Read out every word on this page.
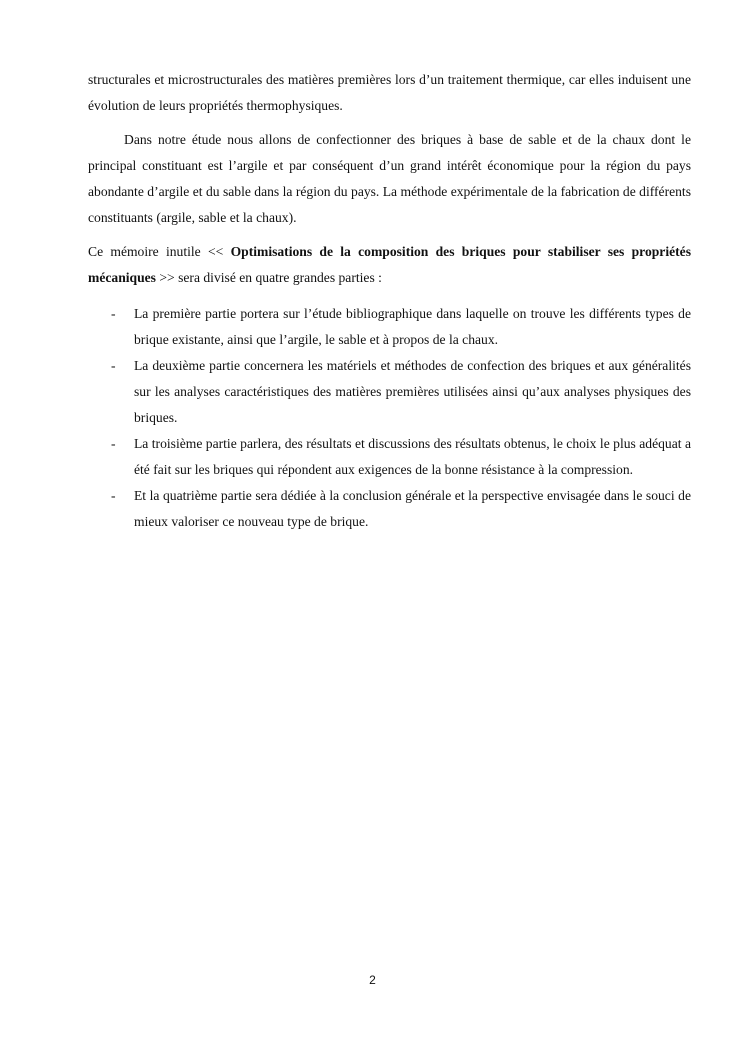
structurales et microstructurales des matières premières lors d’un traitement thermique, car elles induisent une évolution de leurs propriétés thermophysiques.

Dans notre étude nous allons de confectionner des briques à base de sable et de la chaux dont le principal constituant est l’argile et par conséquent d’un grand intérêt économique pour la région du pays abondante d’argile et du sable dans la région du pays. La méthode expérimentale de la fabrication de différents constituants (argile, sable et la chaux).

Ce mémoire inutile << Optimisations de la composition des briques pour stabiliser ses propriétés mécaniques >> sera divisé en quatre grandes parties :

- La première partie portera sur l’étude bibliographique dans laquelle on trouve les différents types de brique existante, ainsi que l’argile, le sable et à propos de la chaux.
- La deuxième partie concernera les matériels et méthodes de confection des briques et aux généralités sur les analyses caractéristiques des matières premières utilisées ainsi qu’aux analyses physiques des briques.
- La troisième partie parlera, des résultats et discussions des résultats obtenus, le choix le plus adéquat a été fait sur les briques qui répondent aux exigences de la bonne résistance à la compression.
- Et la quatrième partie sera dédiée à la conclusion générale et la perspective envisagée dans le souci de mieux valoriser ce nouveau type de brique.
2
